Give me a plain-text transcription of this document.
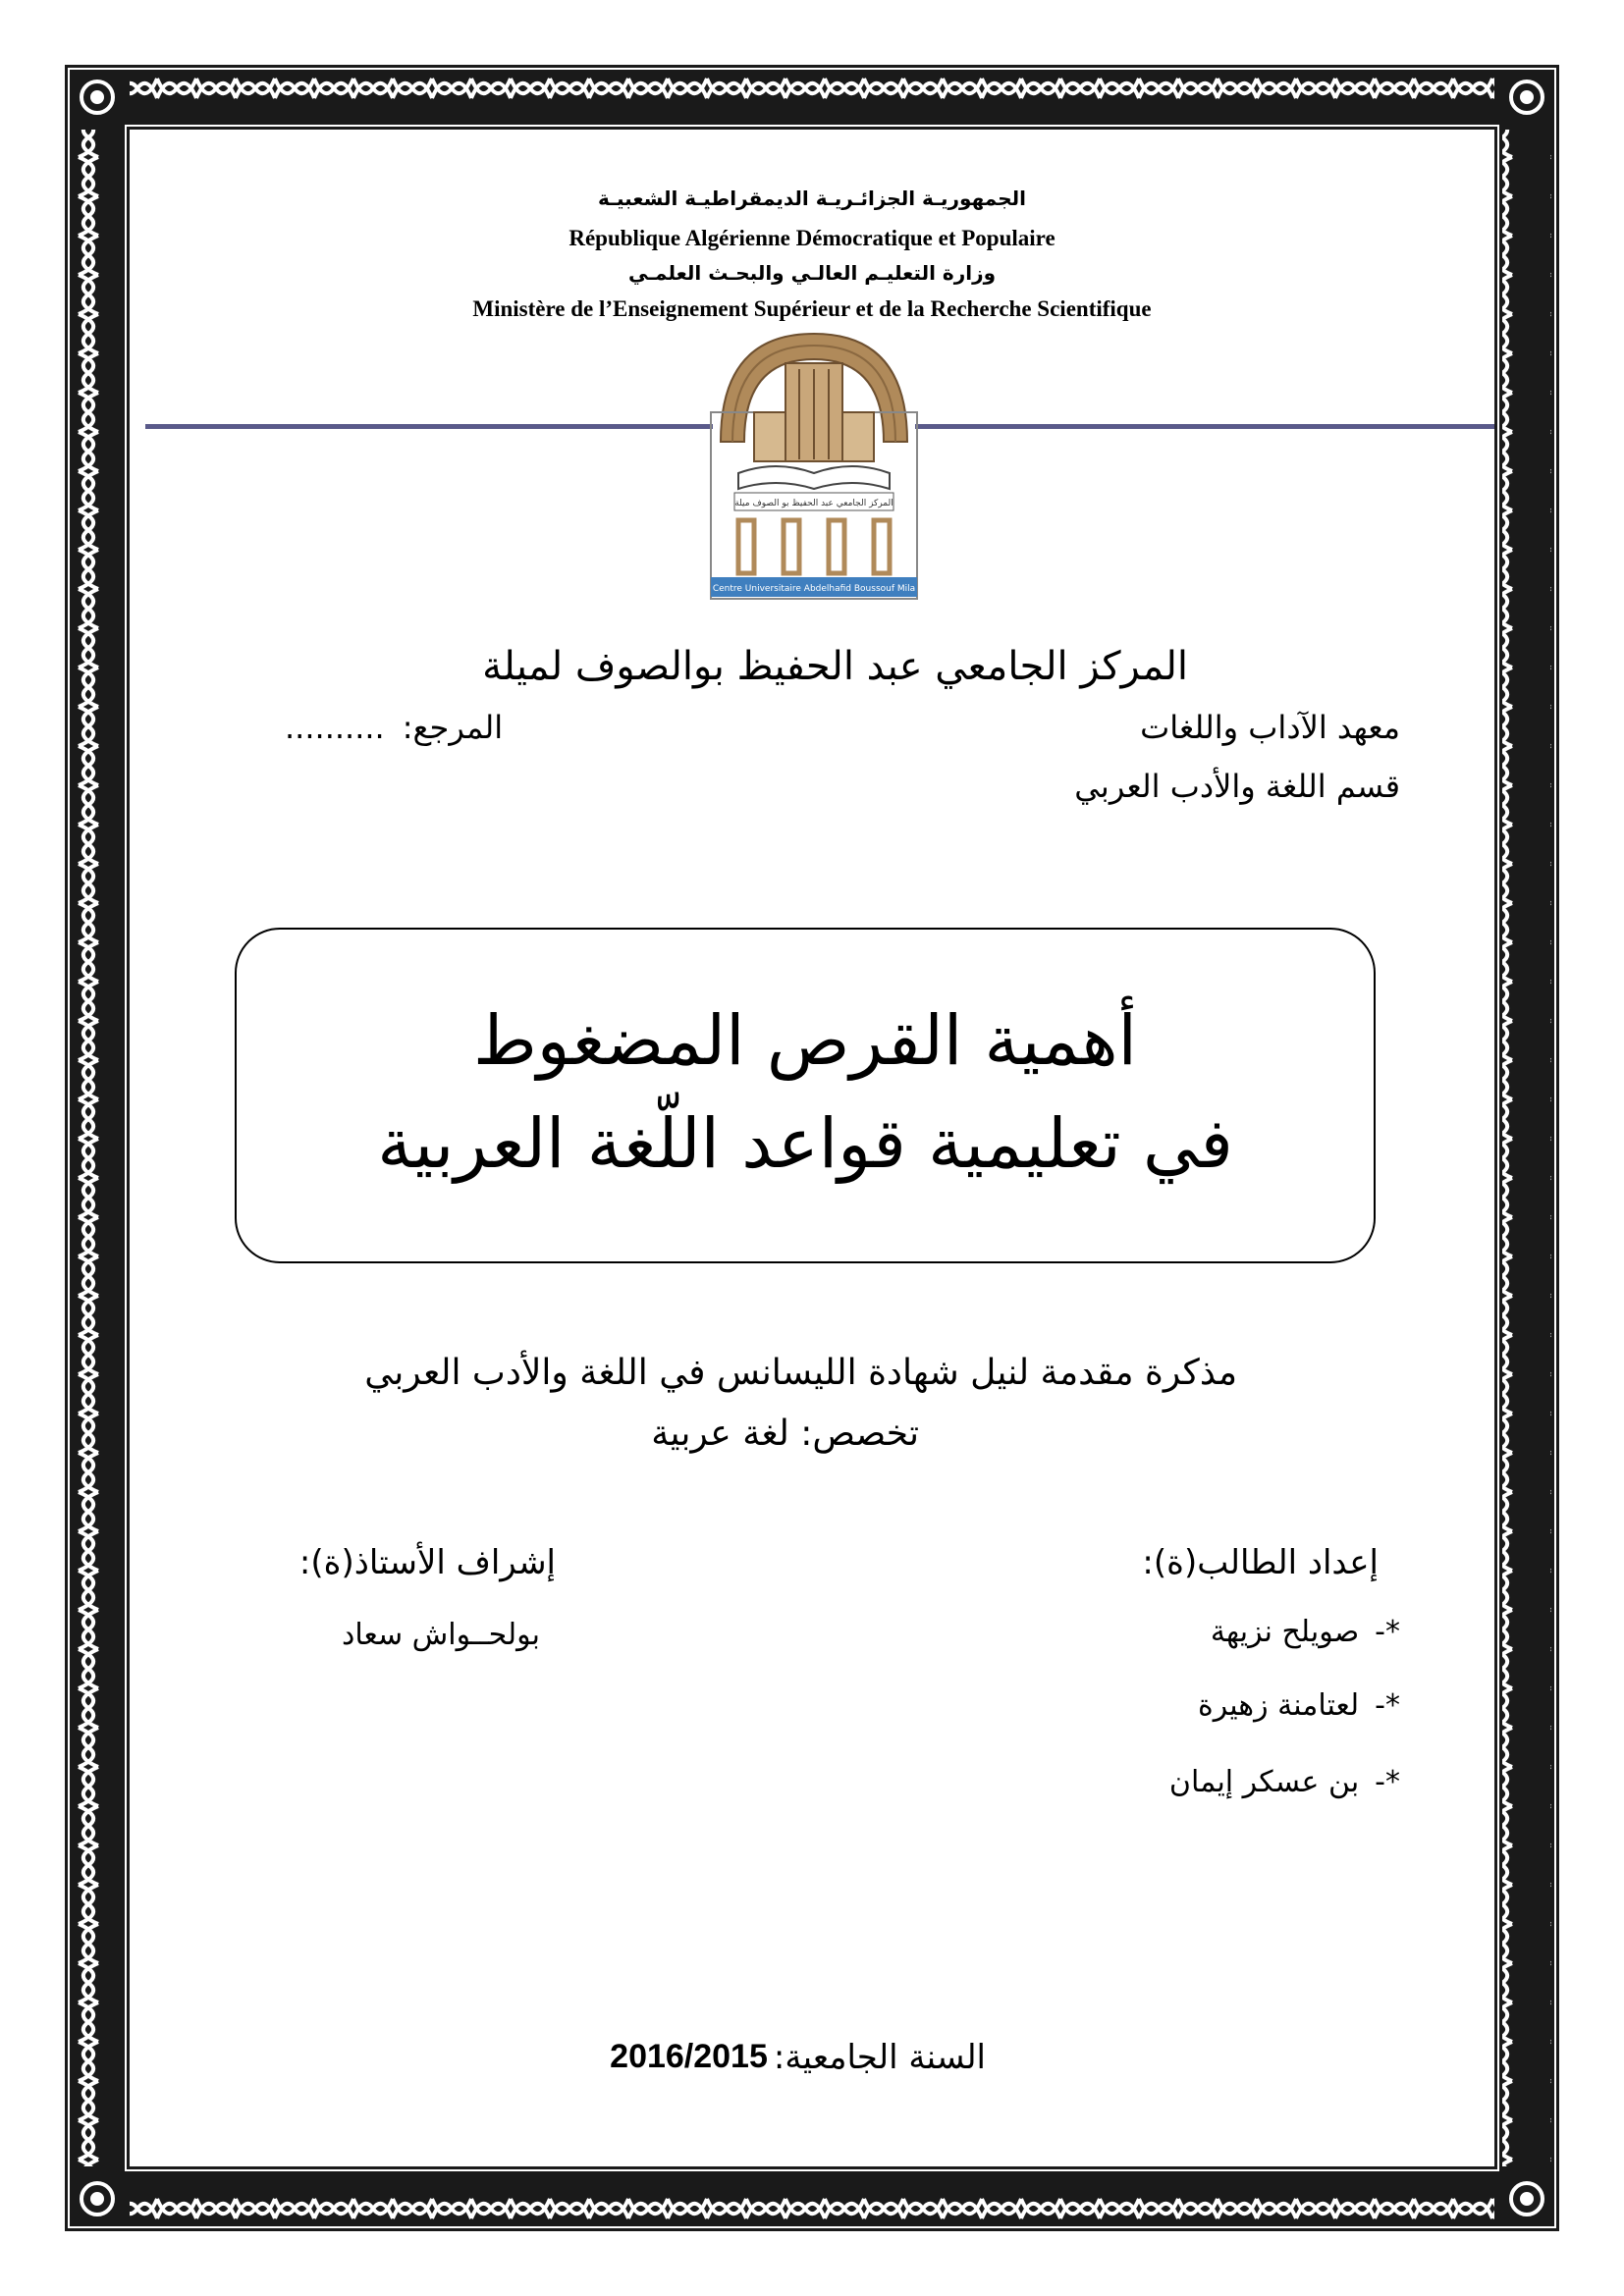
الجمهوريـة الجزائـريـة الديمقراطيـة الشعبيـة
République Algérienne Démocratique et Populaire
وزارة التعليـم العالـي والبحـث العلمـي
Ministère de l’Enseignement Supérieur et de la Recherche Scientifique
المركز الجامعي عبد الحفيظ بو الصوف ميلة
Centre Universitaire Abdelhafid Boussouf Mila
المركز الجامعي عبد الحفيظ بوالصوف لميلة
معهد الآداب واللغات
المرجع:
..........
قسم اللغة والأدب العربي
أهمية القرص المضغوط
في تعليمية قواعد اللّغة العربية
مذكرة مقدمة لنيل شهادة الليسانس في اللغة والأدب العربي
تخصص: لغة عربية
إعداد الطالب(ة):
*-
صويلح نزيهة
*-
لعتامنة زهيرة
*-
بن عسكر إيمان
إشراف الأستاذ(ة):
بولحــواش سعاد
السنة الجامعية:
2016/2015
